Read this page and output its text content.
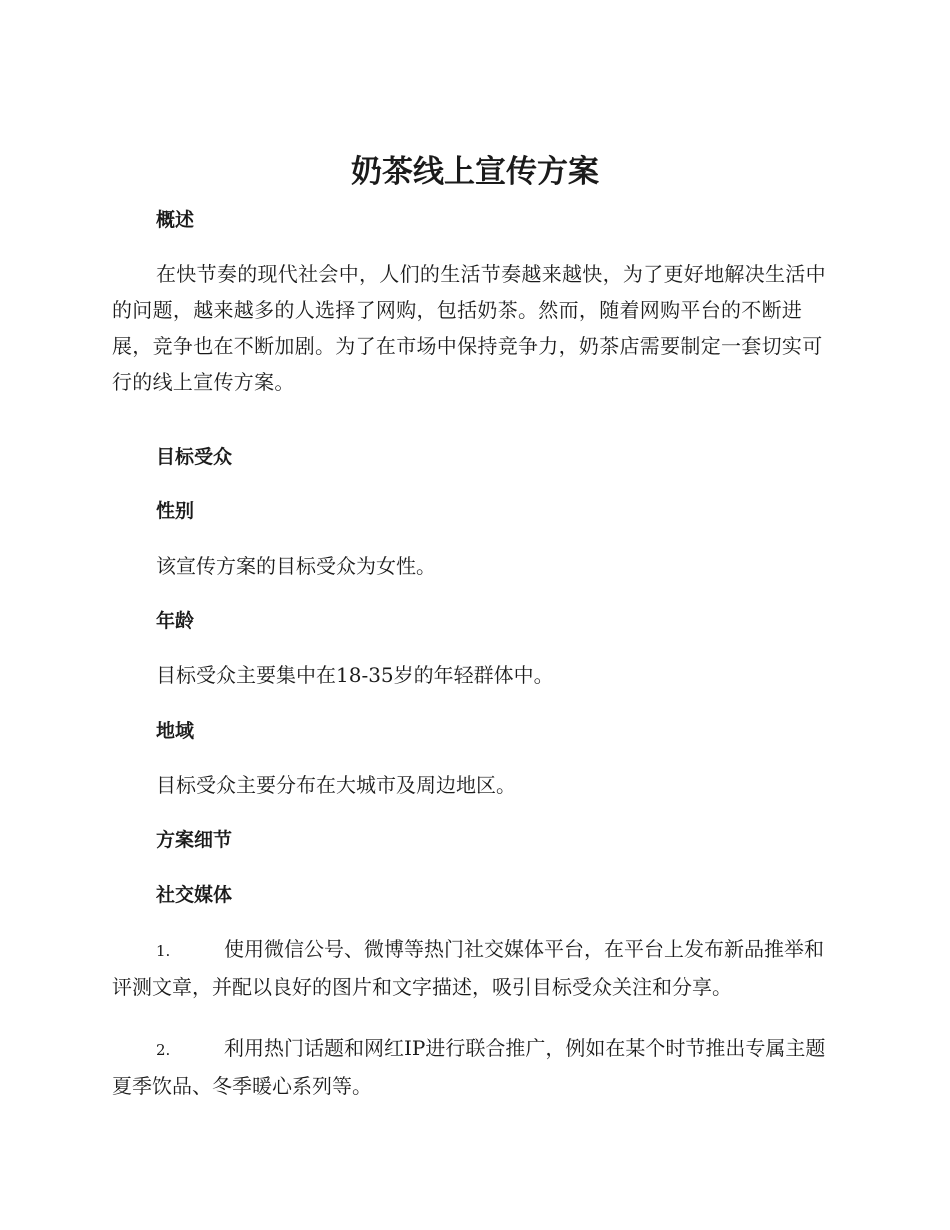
奶茶线上宣传方案
概述

在快节奏的现代社会中，人们的生活节奏越来越快，为了更好地解决生活中的问题，越来越多的人选择了网购，包括奶茶。然而，随着网购平台的不断进展，竞争也在不断加剧。为了在市场中保持竞争力，奶茶店需要制定一套切实可行的线上宣传方案。

目标受众
性别

该宣传方案的目标受众为女性。

年龄

目标受众主要集中在18-35岁的年轻群体中。

地域

目标受众主要分布在大城市及周边地区。

方案细节
社交媒体

1.	使用微信公号、微博等热门社交媒体平台，在平台上发布新品推举和评测文章，并配以良好的图片和文字描述，吸引目标受众关注和分享。

2.	利用热门话题和网红IP进行联合推广，例如在某个时节推出专属主题夏季饮品、冬季暖心系列等。
